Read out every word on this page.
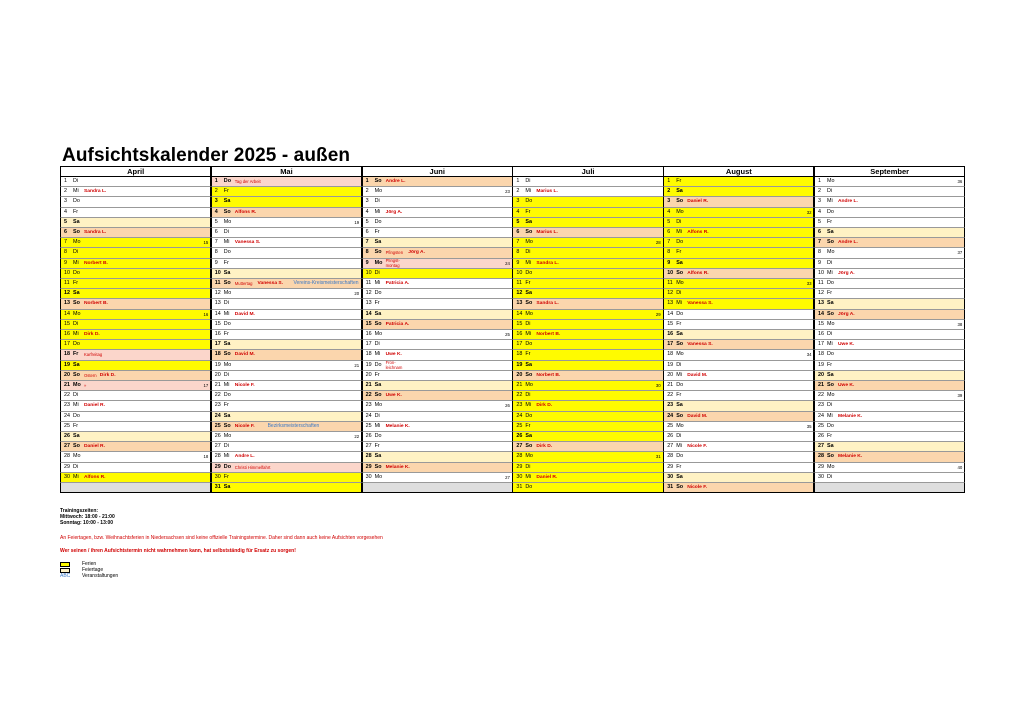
Aufsichtskalender 2025 - außen
April
1	Di
2	Mi	Sandra L.
3	Do
4	Fr
5	Sa
6	So Sandra L.
7	Mo	15
8	Di
9	Mi	Norbert B.
10 Do
11 Fr
12 Sa
13 So Norbert B.
14 Mo	16
15 Di
16 Mi	Dirk D.
17 Do
18 Fr	Karfreitag
19 Sa
20 So Ostern Dirk D.
21 Mo »	17
22 Di
23 Mi	Daniel R.
24 Do
25 Fr
26 Sa
27 So Daniel R.
28 Mo	18
29 Di
30 Mi	Alfons R.
Mai
1	Do Tag der Arbeit
2	Fr
3	Sa
4	So Alfons R.
5	Mo	19
6	Di
7	Mi	Vanessa S.
8	Do
9	Fr
10 Sa
11 So Muttertag Vanessa S. Vereins-Kreismeisterschaften
12 Mo	20
13 Di
14 Mi	David M.
15 Do
16 Fr
17 Sa
18 So David M.
19 Mo	21
20 Di
21 Mi	Nicole F.
22 Do
23 Fr
24 Sa
25 So Nicole F.	Bezirksmeisterschaften
26 Mo	22
27 Di
28 Mi	Andre L.
29 Do Christi Himmelfahrt
30 Fr
31 Sa
Juni
1	So Andre L.
2	Mo	23
3	Di
4	Mi	Jörg A.
5	Do
6	Fr
7	Sa
8	So Pfingsten Jörg A.
9	Mo Pfingst-montag	24
10 Di
11 Mi	Patricia A.
12 Do
13 Fr
14 Sa
15 So Patricia A.
16 Mo	25
17 Di
18 Mi	Uwe K.
19 Do Fron-leichnam
20 Fr
21 Sa
22 So Uwe K.
23 Mo	26
24 Di
25 Mi	Melanie K.
26 Do
27 Fr
28 Sa
29 So Melanie K.
30 Mo	27
Juli
1	Di
2	Mi	Marius L.
3	Do
4	Fr
5	Sa
6	So Marius L.
7	Mo	28
8	Di
9	Mi	Sandra L.
10 Do
11 Fr
12 Sa
13 So Sandra L.
14 Mo	29
15 Di
16 Mi	Norbert B.
17 Do
18 Fr
19 Sa
20 So Norbert B.
21 Mo	30
22 Di
23 Mi	Dirk D.
24 Do
25 Fr
26 Sa
27 So Dirk D.
28 Mo	31
29 Di
30 Mi	Daniel R.
31 Do
August
1	Fr
2	Sa
3	So Daniel R.
4	Mo	32
5	Di
6	Mi	Alfons R.
7	Do
8	Fr
9	Sa
10 So Alfons R.
11 Mo	33
12 Di
13 Mi	Vanessa S.
14 Do
15 Fr
16 Sa
17 So Vanessa S.
18 Mo	34
19 Di
20 Mi	David M.
21 Do
22 Fr
23 Sa
24 So David M.
25 Mo	35
26 Di
27 Mi	Nicole F.
28 Do
29 Fr
30 Sa
31 So Nicole F.
September
1	Mo	36
2	Di
3	Mi	Andre L.
4	Do
5	Fr
6	Sa
7	So Andre L.
8	Mo	37
9	Di
10 Mi	Jörg A.
11 Do
12 Fr
13 Sa
14 So Jörg A.
15 Mo	38
16 Di
17 Mi	Uwe K.
18 Do
19 Fr
20 Sa
21 So Uwe K.
22 Mo	39
23 Di
24 Mi	Melanie K.
25 Do
26 Fr
27 Sa
28 So Melanie K.
29 Mo	40
30 Di
Trainingszeiten:
Mittwoch: 18:00 - 21:00
Sonntag: 10:00 - 13:00
An Feiertagen, bzw. Weihnachtsferien in Niedersachsen sind keine offizielle Trainingstermine. Daher sind dann auch keine Aufsichten vorgesehen
Wer seinen / ihren Aufsichtstermin nicht wahrnehmen kann, hat selbstständig für Ersatz zu sorgen!
Ferien
Feiertage
ABC Veranstaltungen
